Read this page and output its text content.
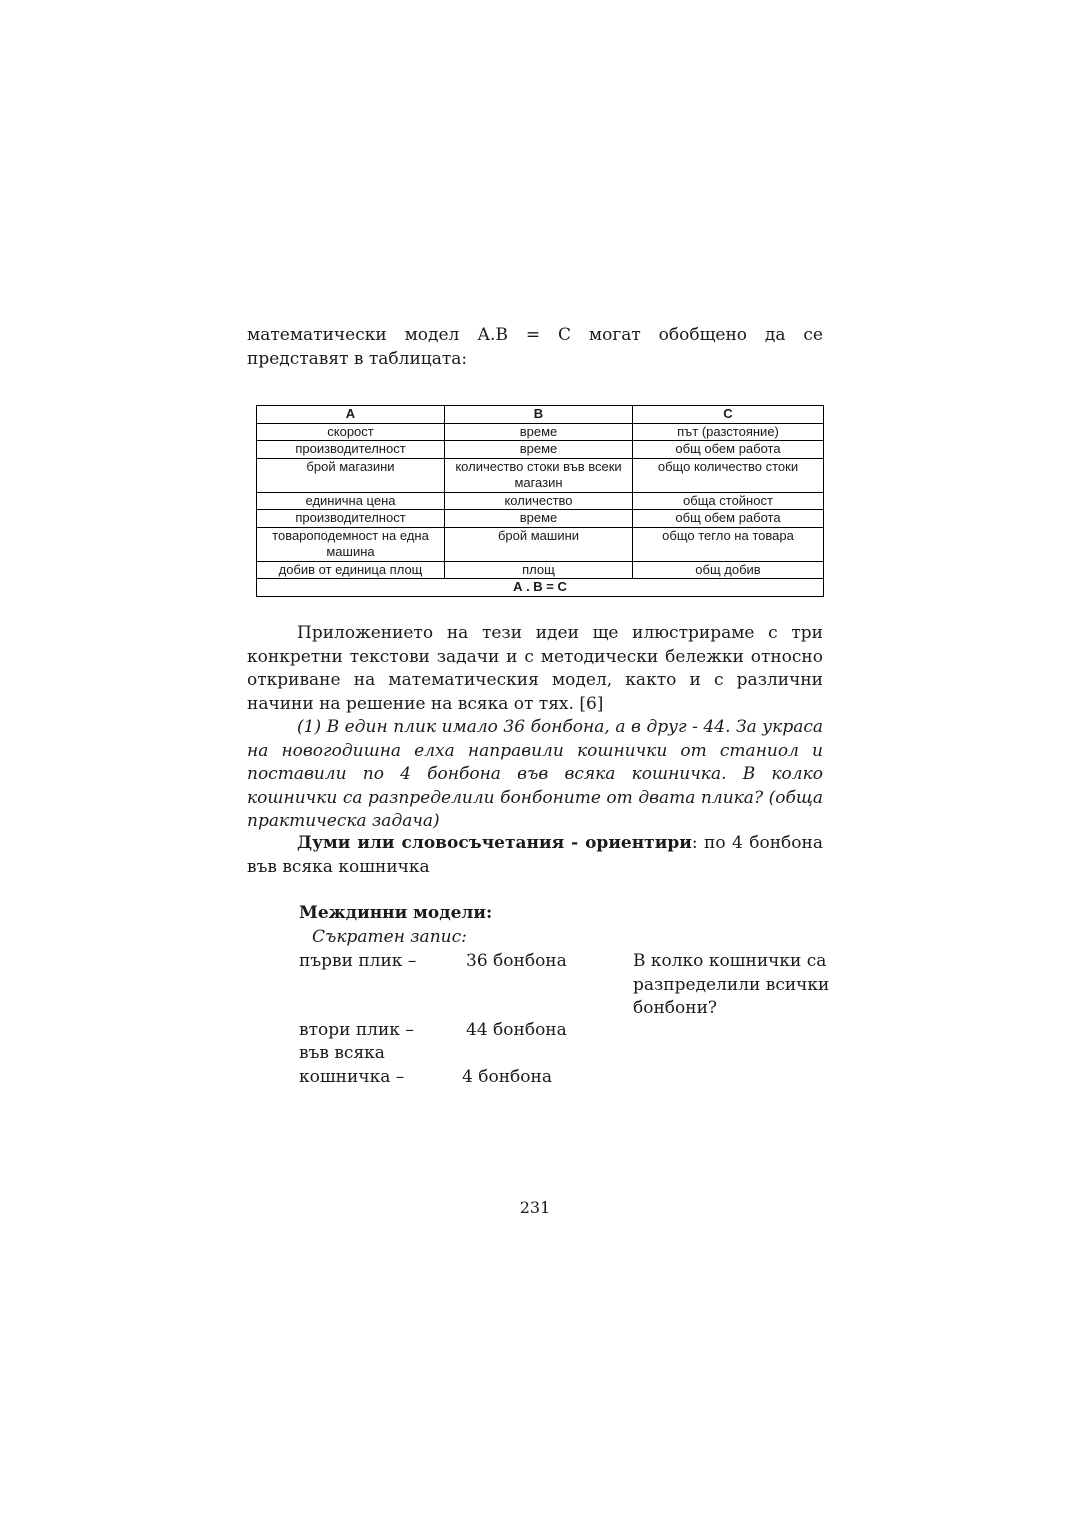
математически модел А.В = С могат обобщено да се представят в таблицата:

А	В	С
скорост	време	път (разстояние)
производителност	време	общ обем работа
брой магазини	количество стоки във всеки магазин	общо количество стоки
единична цена	количество	обща стойност
производителност	време	общ обем работа
товароподемност на една машина	брой машини	общо тегло на товара
добив от единица площ	площ	общ добив
А . В = С		

Приложението на тези идеи ще илюстрираме с три конкретни текстови задачи и с методически бележки относно откриване на математическия модел, както и с различни начини на решение на всяка от тях. [6]

(1) В един плик имало 36 бонбона, а в друг - 44. За украса на новогодишна елха направили кошнички от станиол и поставили по 4 бонбона във всяка кошничка. В колко кошнички са разпределили бонбоните от двата плика? (обща практическа задача)

Думи или словосъчетания - ориентири: по 4 бонбона във всяка кошничка

Междинни модели:

Съкратен запис:

първи плик –	36 бонбона	В колко кошнички са разпределили всички бонбони?

втори плик –	44 бонбона

във всяка

кошничка –	4 бонбона

231
